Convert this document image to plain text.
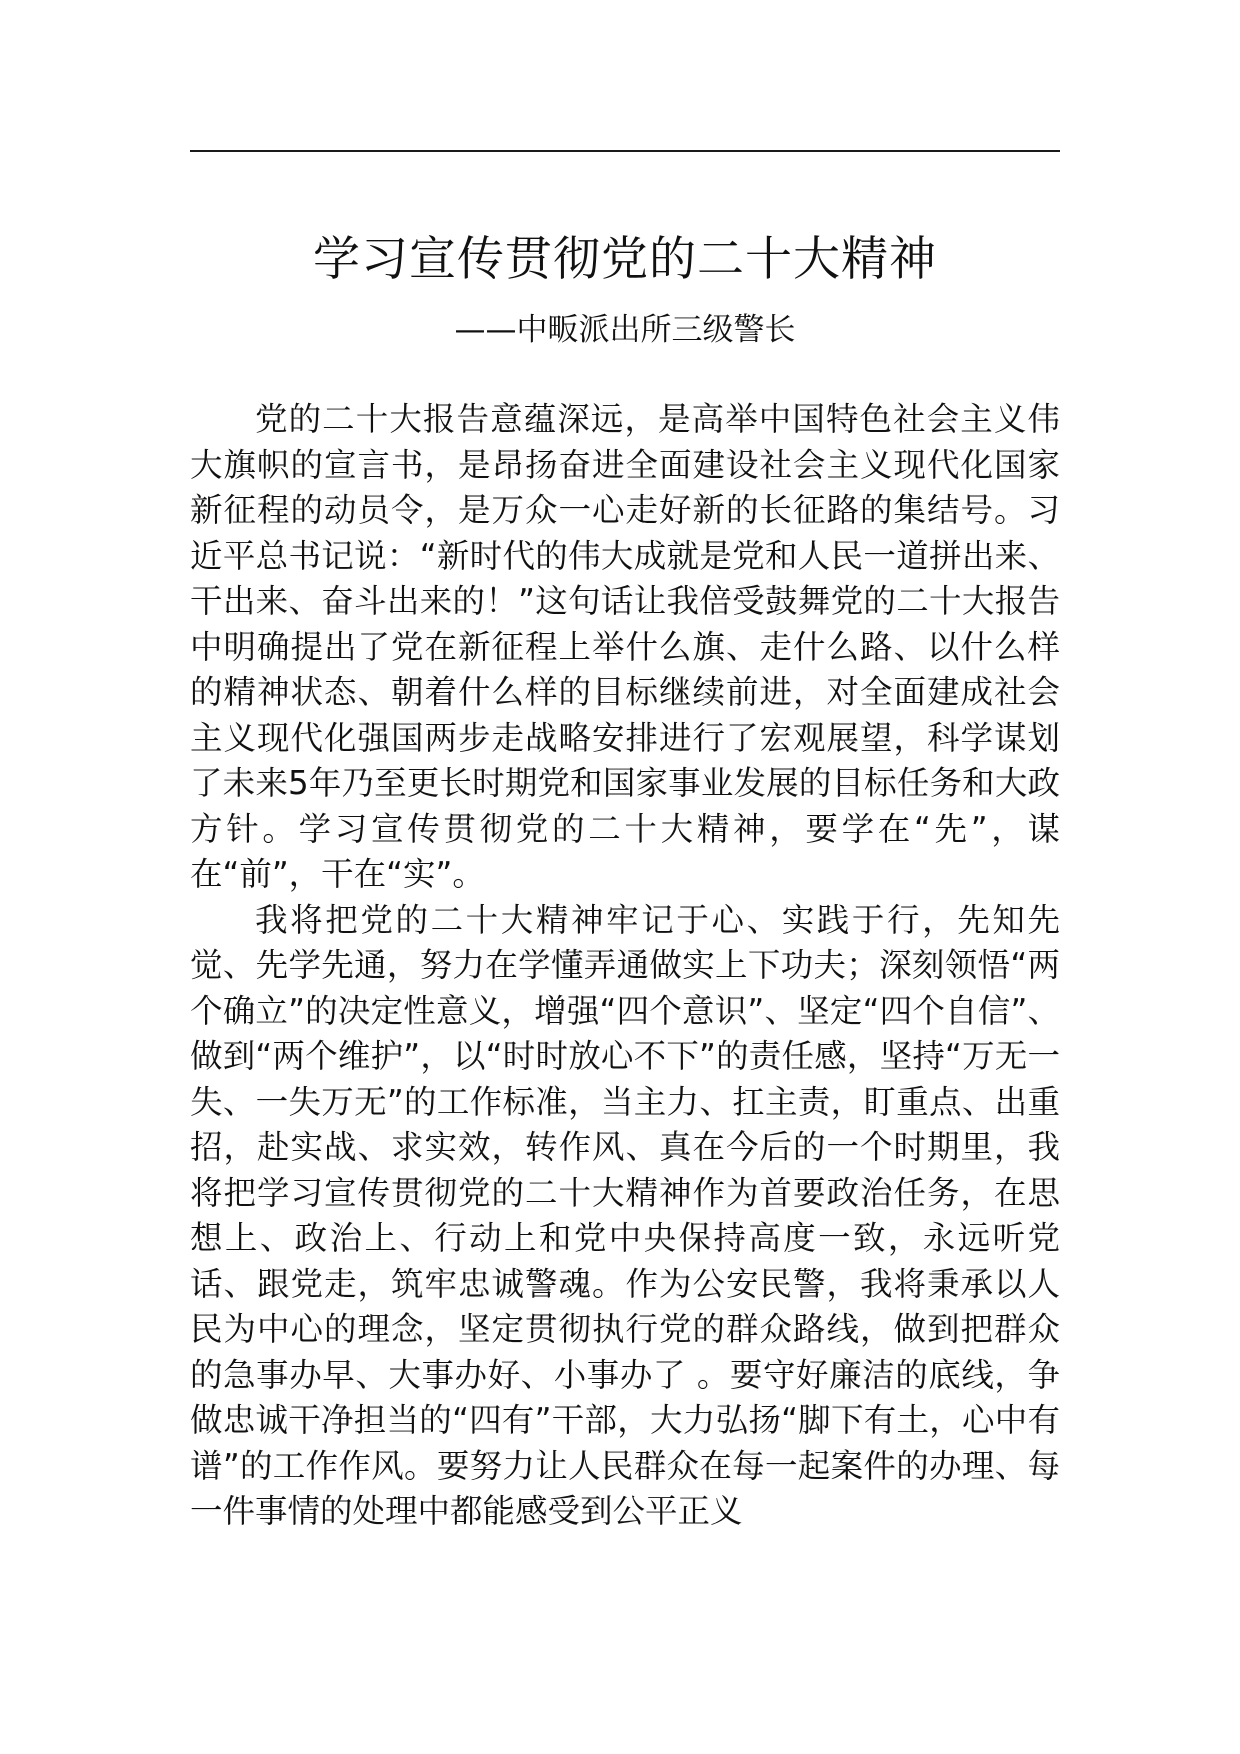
学习宣传贯彻党的二十大精神
——中畈派出所三级警长

党的二十大报告意蕴深远，是高举中国特色社会主义伟大旗帜的宣言书，是昂扬奋进全面建设社会主义现代化国家新征程的动员令，是万众一心走好新的长征路的集结号。习近平总书记说：“新时代的伟大成就是党和人民一道拼出来、干出来、奋斗出来的！”这句话让我倍受鼓舞党的二十大报告中明确提出了党在新征程上举什么旗、走什么路、以什么样的精神状态、朝着什么样的目标继续前进，对全面建成社会主义现代化强国两步走战略安排进行了宏观展望，科学谋划了未来5年乃至更长时期党和国家事业发展的目标任务和大政方针。学习宣传贯彻党的二十大精神，要学在“先”，谋在“前”，干在“实”。

我将把党的二十大精神牢记于心、实践于行，先知先觉、先学先通，努力在学懂弄通做实上下功夫；深刻领悟“两个确立”的决定性意义，增强“四个意识”、坚定“四个自信”、做到“两个维护”，以“时时放心不下”的责任感，坚持“万无一失、一失万无”的工作标准，当主力、扛主责，盯重点、出重招，赴实战、求实效，转作风、真在今后的一个时期里，我将把学习宣传贯彻党的二十大精神作为首要政治任务，在思想上、政治上、行动上和党中央保持高度一致，永远听党话、跟党走，筑牢忠诚警魂。作为公安民警，我将秉承以人民为中心的理念，坚定贯彻执行党的群众路线，做到把群众的急事办早、大事办好、小事办了 。要守好廉洁的底线，争做忠诚干净担当的“四有”干部，大力弘扬“脚下有土，心中有谱”的工作作风。要努力让人民群众在每一起案件的办理、每一件事情的处理中都能感受到公平正义
